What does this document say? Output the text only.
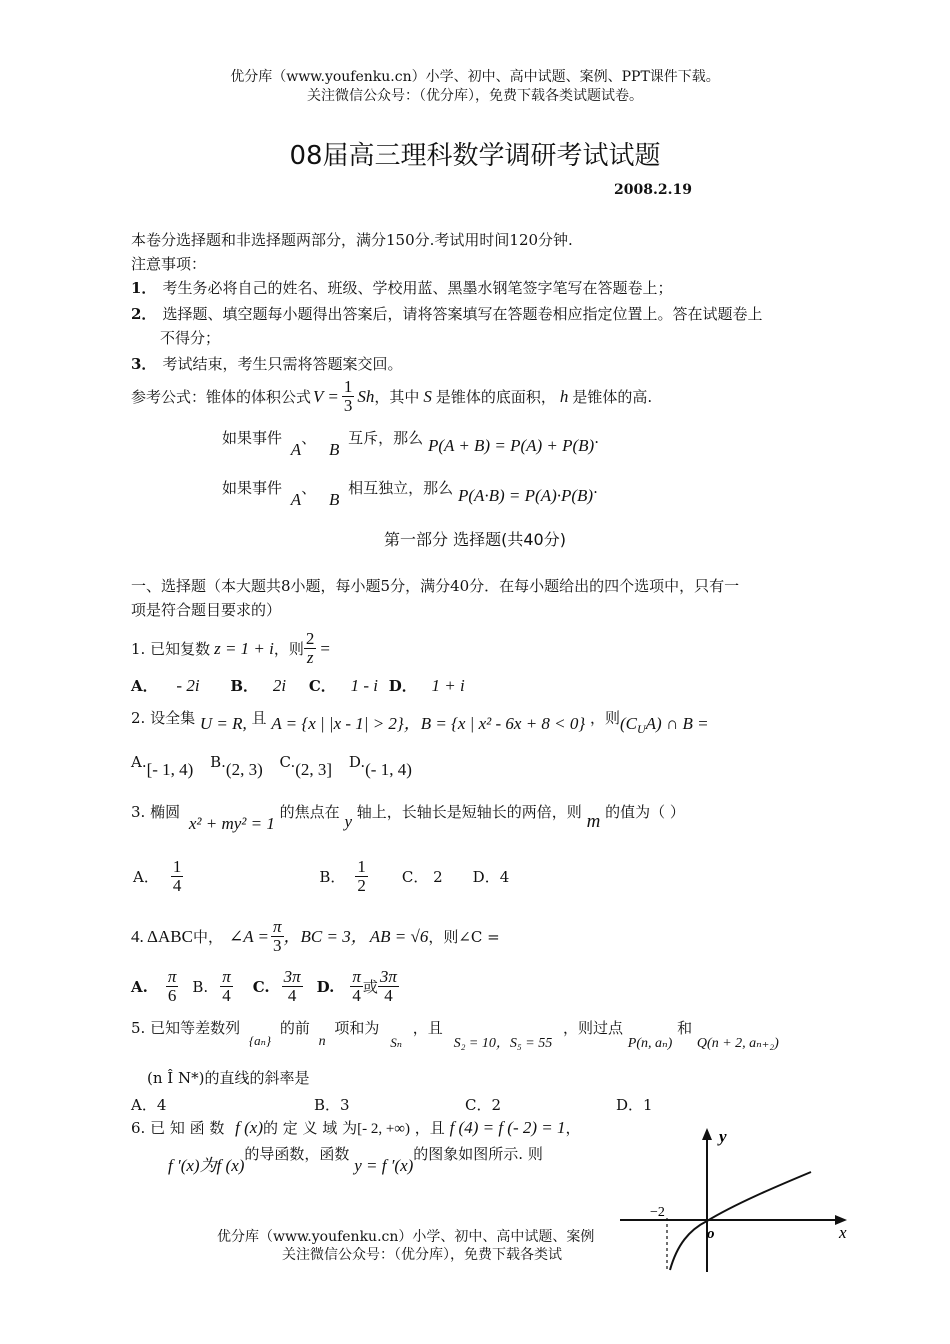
优分库（www.youfenku.cn）小学、初中、高中试题、案例、PPT课件下载。
关注微信公众号：（优分库），免费下载各类试题试卷。
08届高三理科数学调研考试试题
2008.2.19
本卷分选择题和非选择题两部分，满分150分.考试用时间120分钟.
注意事项：
1． 考生务必将自己的姓名、班级、学校用蓝、黑墨水钢笔签字笔写在答题卷上；
2． 选择题、填空题每小题得出答案后，请将答案填写在答题卷相应指定位置上。答在试题卷上
不得分；
3． 考试结束，考生只需将答题案交回。
参考公式：锥体的体积公式 $V = \frac{1}{3}$ Sh ，其中 S 是锥体的底面积， h 是锥体的高.
如果事件 A、 B 互斥，那么 P(A + B) = P(A) + P(B).
如果事件 A、 B 相互独立，那么 P(A·B) = P(A)·P(B).
第一部分 选择题(共40分)
一、选择题（本大题共8小题，每小题5分，满分40分．在每小题给出的四个选项中，只有一
项是符合题目要求的）
1. 已知复数 z = 1 + i ，则 $\frac{2}{z}$ =
A． - 2i B． 2i C． 1 - i D． 1 + i
2. 设全集 U = R, 且 A = {x | |x - 1| > 2}，B = {x | x² - 6x + 8 < 0} ，则$(C_UA)$ ∩ B =
A.[- 1, 4) B.(2, 3) C.(2, 3] D.(- 1, 4)
3. 椭圆 x² + my² = 1 的焦点在 y 轴上，长轴长是短轴长的两倍，则 m 的值为（ ）
A． $\frac{1}{4}$	B． $\frac{1}{2}$ C． 2 D．4
4. ΔABC 中， ∠A = $\frac{\pi}{3}$ ，BC = 3， AB = √6 ，则∠C =
A. $\frac{\pi}{6} B$. $\frac{\pi}{4} C$. $\frac{3\pi}{4} D$. $\frac{\pi}{4}$ 或 $\frac{3\pi}{4}$
5. 已知等差数列 {aₙ} 的前 n 项和为 Sₙ ，且 S₂ = 10，S₅ = 55 ，则过点 P(n, aₙ) 和 Q(n + 2, aₙ₊₂)
(n Î N*)的直线的斜率是
A．4	B．3	C．2	D．1
6. 已 知 函 数 f (x)的 定 义 域 为[- 2, +∞) ，且 f (4) = f (- 2) = 1，
f ′(x)为f (x)的导函数，函数 y = f ′(x)的图象如图所示. 则
y
x
o
−2
优分库（www.youfenku.cn）小学、初中、高中试题、案例
关注微信公众号：（优分库），免费下载各类试
